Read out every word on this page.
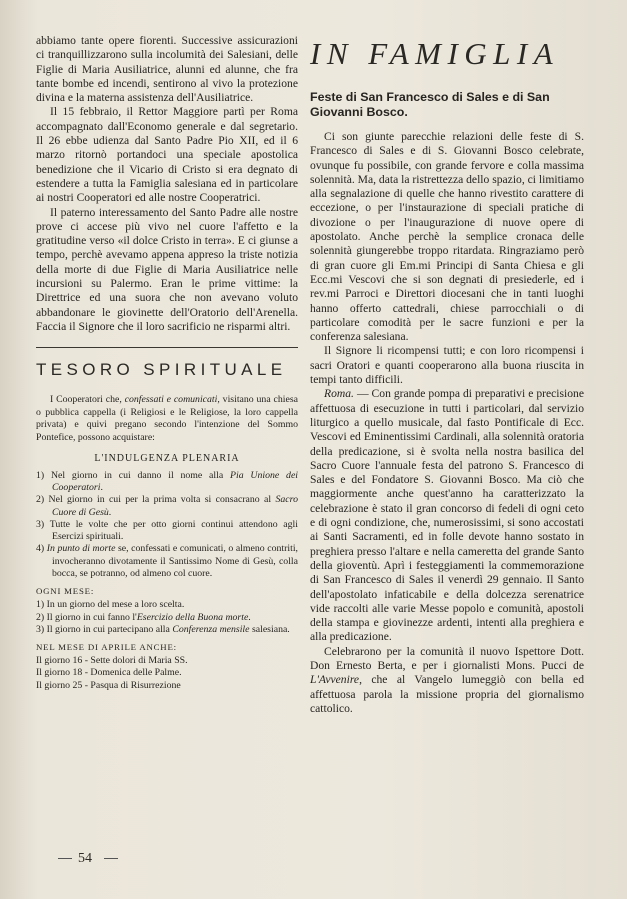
abbiamo tante opere fiorenti. Successive assicurazioni ci tranquillizzarono sulla incolumità dei Salesiani, delle Figlie di Maria Ausiliatrice, alunni ed alunne, che fra tante bombe ed incendi, sentirono al vivo la protezione divina e la materna assistenza dell'Ausiliatrice.

Il 15 febbraio, il Rettor Maggiore partì per Roma accompagnato dall'Economo generale e dal segretario. Il 26 ebbe udienza dal Santo Padre Pio XII, ed il 6 marzo ritornò portandoci una speciale apostolica benedizione che il Vicario di Cristo si era degnato di estendere a tutta la Famiglia salesiana ed in particolare ai nostri Cooperatori ed alle nostre Cooperatrici.

Il paterno interessamento del Santo Padre alle nostre prove ci accese più vivo nel cuore l'affetto e la gratitudine verso «il dolce Cristo in terra». E ci giunse a tempo, perchè avevamo appena appreso la triste notizia della morte di due Figlie di Maria Ausiliatrice nelle incursioni su Palermo. Eran le prime vittime: la Direttrice ed una suora che non avevano voluto abbandonare le giovinette dell'Oratorio dell'Arenella. Faccia il Signore che il loro sacrificio ne risparmi altri.

TESORO SPIRITUALE

I Cooperatori che, confessati e comunicati, visitano una chiesa o pubblica cappella (i Religiosi e le Religiose, la loro cappella privata) e quivi pregano secondo l'intenzione del Sommo Pontefice, possono acquistare:

L'INDULGENZA PLENARIA
1) Nel giorno in cui danno il nome alla Pia Unione dei Cooperatori.
2) Nel giorno in cui per la prima volta si consacrano al Sacro Cuore di Gesù.
3) Tutte le volte che per otto giorni continui attendono agli Esercizi spirituali.
4) In punto di morte se, confessati e comunicati, o almeno contriti, invocheranno divotamente il Santissimo Nome di Gesù, colla bocca, se potranno, od almeno col cuore.
OGNI MESE:
1) In un giorno del mese a loro scelta.
2) Il giorno in cui fanno l'Esercizio della Buona morte.
3) Il giorno in cui partecipano alla Conferenza mensile salesiana.
NEL MESE DI APRILE ANCHE:
Il giorno 16 - Sette dolori di Maria SS.
Il giorno 18 - Domenica delle Palme.
Il giorno 25 - Pasqua di Risurrezione
54
IN FAMIGLIA
Feste di San Francesco di Sales e di San Giovanni Bosco.

Ci son giunte parecchie relazioni delle feste di S. Francesco di Sales e di S. Giovanni Bosco celebrate, ovunque fu possibile, con grande fervore e colla massima solennità. Ma, data la ristrettezza dello spazio, ci limitiamo alla segnalazione di quelle che hanno rivestito carattere di eccezione, o per l'instaurazione di speciali pratiche di divozione o per l'inaugurazione di nuove opere di apostolato. Anche perchè la semplice cronaca delle solennità giungerebbe troppo ritardata. Ringraziamo però di gran cuore gli Em.mi Principi di Santa Chiesa e gli Ecc.mi Vescovi che si son degnati di presiederle, ed i rev.mi Parroci e Direttori diocesani che in tanti luoghi hanno offerto cattedrali, chiese parrocchiali o di particolare comodità per le sacre funzioni e per la conferenza salesiana.

Il Signore li ricompensi tutti; e con loro ricompensi i sacri Oratori e quanti cooperarono alla buona riuscita in tempi tanto difficili.

Roma. — Con grande pompa di preparativi e precisione affettuosa di esecuzione in tutti i particolari, dal servizio liturgico a quello musicale, dal fasto Pontificale di Ecc. Vescovi ed Eminentissimi Cardinali, alla solennità oratoria della predicazione, si è svolta nella nostra basilica del Sacro Cuore l'annuale festa del patrono S. Francesco di Sales e del Fondatore S. Giovanni Bosco. Ma ciò che maggiormente anche quest'anno ha caratterizzato la celebrazione è stato il gran concorso di fedeli di ogni ceto e di ogni condizione, che, numerosissimi, si sono accostati ai Santi Sacramenti, ed in folle devote hanno sostato in preghiera presso l'altare e nella cameretta del grande Santo della gioventù. Aprì i festeggiamenti la commemorazione di San Francesco di Sales il venerdì 29 gennaio. Il Santo dell'apostolato infaticabile e della dolcezza serenatrice vide raccolti alle varie Messe popolo e comunità, apostoli della stampa e giovinezze ardenti, intenti alla preghiera e alla predicazione.

Celebrarono per la comunità il nuovo Ispettore Dott. Don Ernesto Berta, e per i giornalisti Mons. Pucci de L'Avvenire, che al Vangelo lumeggiò con bella ed affettuosa parola la missione propria del giornalismo cattolico.
